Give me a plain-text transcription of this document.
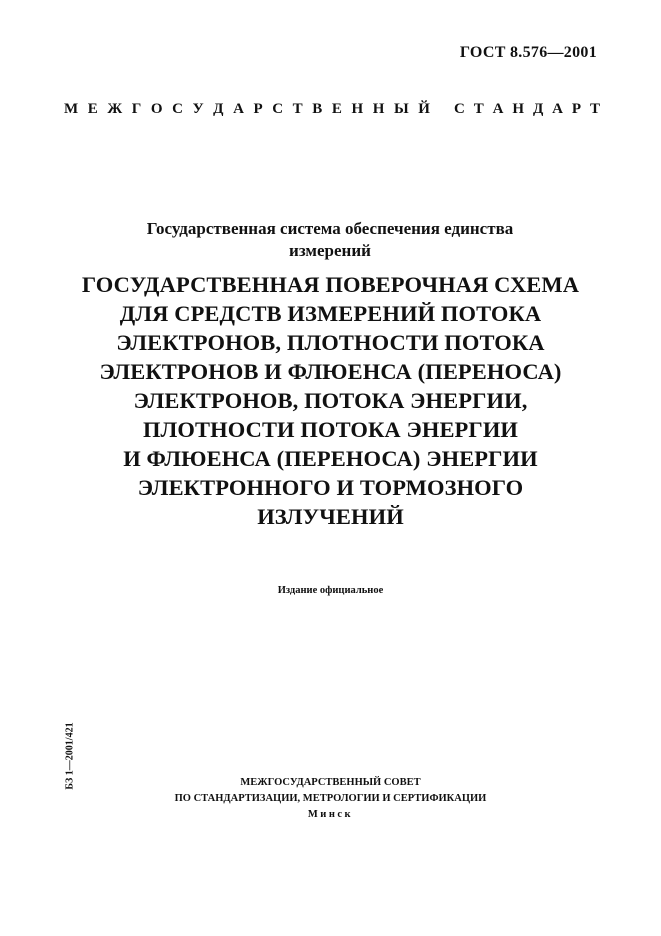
ГОСТ 8.576—2001
М Е Ж Г О С У Д А Р С Т В Е Н Н Ы Й С Т А Н Д А Р Т
Государственная система обеспечения единства
измерений
ГОСУДАРСТВЕННАЯ ПОВЕРОЧНАЯ СХЕМА
ДЛЯ СРЕДСТВ ИЗМЕРЕНИЙ ПОТОКА
ЭЛЕКТРОНОВ, ПЛОТНОСТИ ПОТОКА
ЭЛЕКТРОНОВ И ФЛЮЕНСА (ПЕРЕНОСА)
ЭЛЕКТРОНОВ, ПОТОКА ЭНЕРГИИ,
ПЛОТНОСТИ ПОТОКА ЭНЕРГИИ
И ФЛЮЕНСА (ПЕРЕНОСА) ЭНЕРГИИ
ЭЛЕКТРОННОГО И ТОРМОЗНОГО
ИЗЛУЧЕНИЙ
Издание официальное
БЗ 1—2001/421	МЕЖГОСУДАРСТВЕННЫЙ СОВЕТ
ПО СТАНДАРТИЗАЦИИ, МЕТРОЛОГИИ И СЕРТИФИКАЦИИ
Минск
